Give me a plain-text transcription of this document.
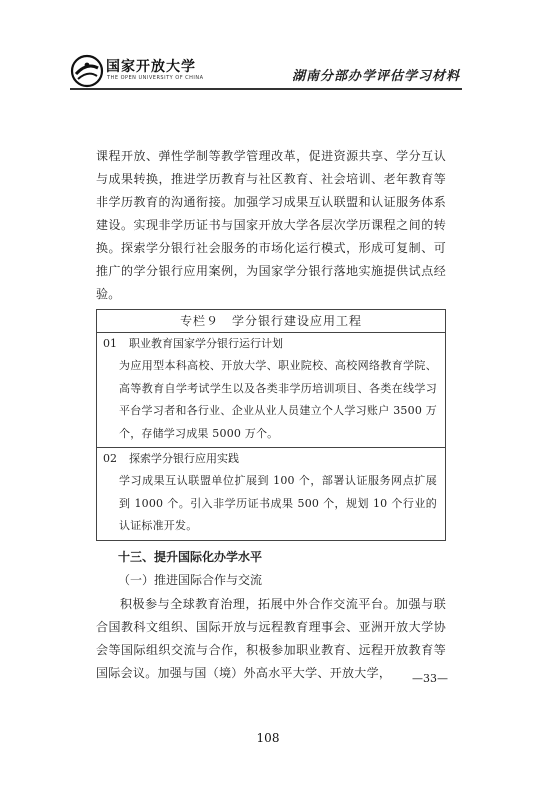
国家开放大学
THE OPEN UNIVERSITY OF CHINA	湖南分部办学评估学习材料

课程开放、弹性学制等教学管理改革，促进资源共享、学分互认与成果转换，推进学历教育与社区教育、社会培训、老年教育等非学历教育的沟通衔接。加强学习成果互认联盟和认证服务体系建设。实现非学历证书与国家开放大学各层次学历课程之间的转换。探索学分银行社会服务的市场化运行模式，形成可复制、可推广的学分银行应用案例，为国家学分银行落地实施提供试点经验。

专栏９　学分银行建设应用工程
01	职业教育国家学分银行运行计划

为应用型本科高校、开放大学、职业院校、高校网络教育学院、高等教育自学考试学生以及各类非学历培训项目、各类在线学习平台学习者和各行业、企业从业人员建立个人学习账户 3500 万个，存储学习成果 5000 万个。

02	探索学分银行应用实践

学习成果互认联盟单位扩展到 100 个，部署认证服务网点扩展到 1000 个。引入非学历证书成果 500 个，规划 10 个行业的认证标准开发。

十三、提升国际化办学水平
（一）推进国际合作与交流

积极参与全球教育治理，拓展中外合作交流平台。加强与联合国教科文组织、国际开放与远程教育理事会、亚洲开放大学协会等国际组织交流与合作，积极参加职业教育、远程开放教育等国际会议。加强与国（境）外高水平大学、开放大学，	—33—
108
